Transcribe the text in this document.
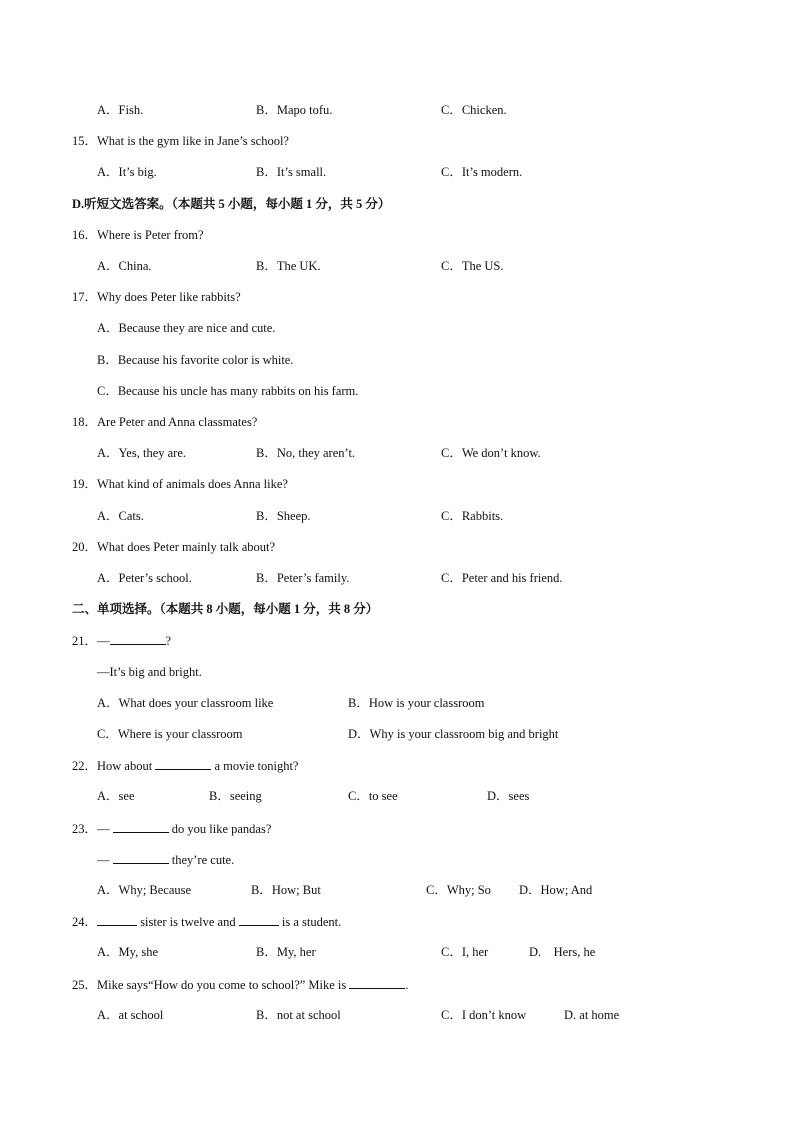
A．Fish.	B．Mapo tofu.	C．Chicken.
15．What is the gym like in Jane’s school?
A．It’s big.	B．It’s small.	C．It’s modern.
D.听短文选答案。（本题共 5 小题，每小题 1 分，共 5 分）
16．Where is Peter from?
A．China.	B．The UK.	C．The US.
17．Why does Peter like rabbits?
A．Because they are nice and cute.
B．Because his favorite color is white.
C．Because his uncle has many rabbits on his farm.
18．Are Peter and Anna classmates?
A．Yes, they are.	B．No, they aren’t.	C．We don’t know.
19．What kind of animals does Anna like?
A．Cats.	B．Sheep.	C．Rabbits.
20．What does Peter mainly talk about?
A．Peter’s school.	B．Peter’s family.	C．Peter and his friend.
二、单项选择。（本题共 8 小题，每小题 1 分，共 8 分）
21．—	?
—It’s big and bright.
A．What does your classroom like	B．How is your classroom
C．Where is your classroom	D．Why is your classroom big and bright
22．How about	a movie tonight?
A．see	B．seeing	C．to see	D．sees
23．—	do you like pandas?
—	they’re cute.
A．Why; Because	B．How; But	C．Why; So D．How; And
24．	sister is twelve and	is a student.
A．My, she	B．My, her	C．I, her	D.　Hers, he
25．Mike says“How do you come to school?” Mike is	.
A．at school	B．not at school	C．I don’t know	D. at home
